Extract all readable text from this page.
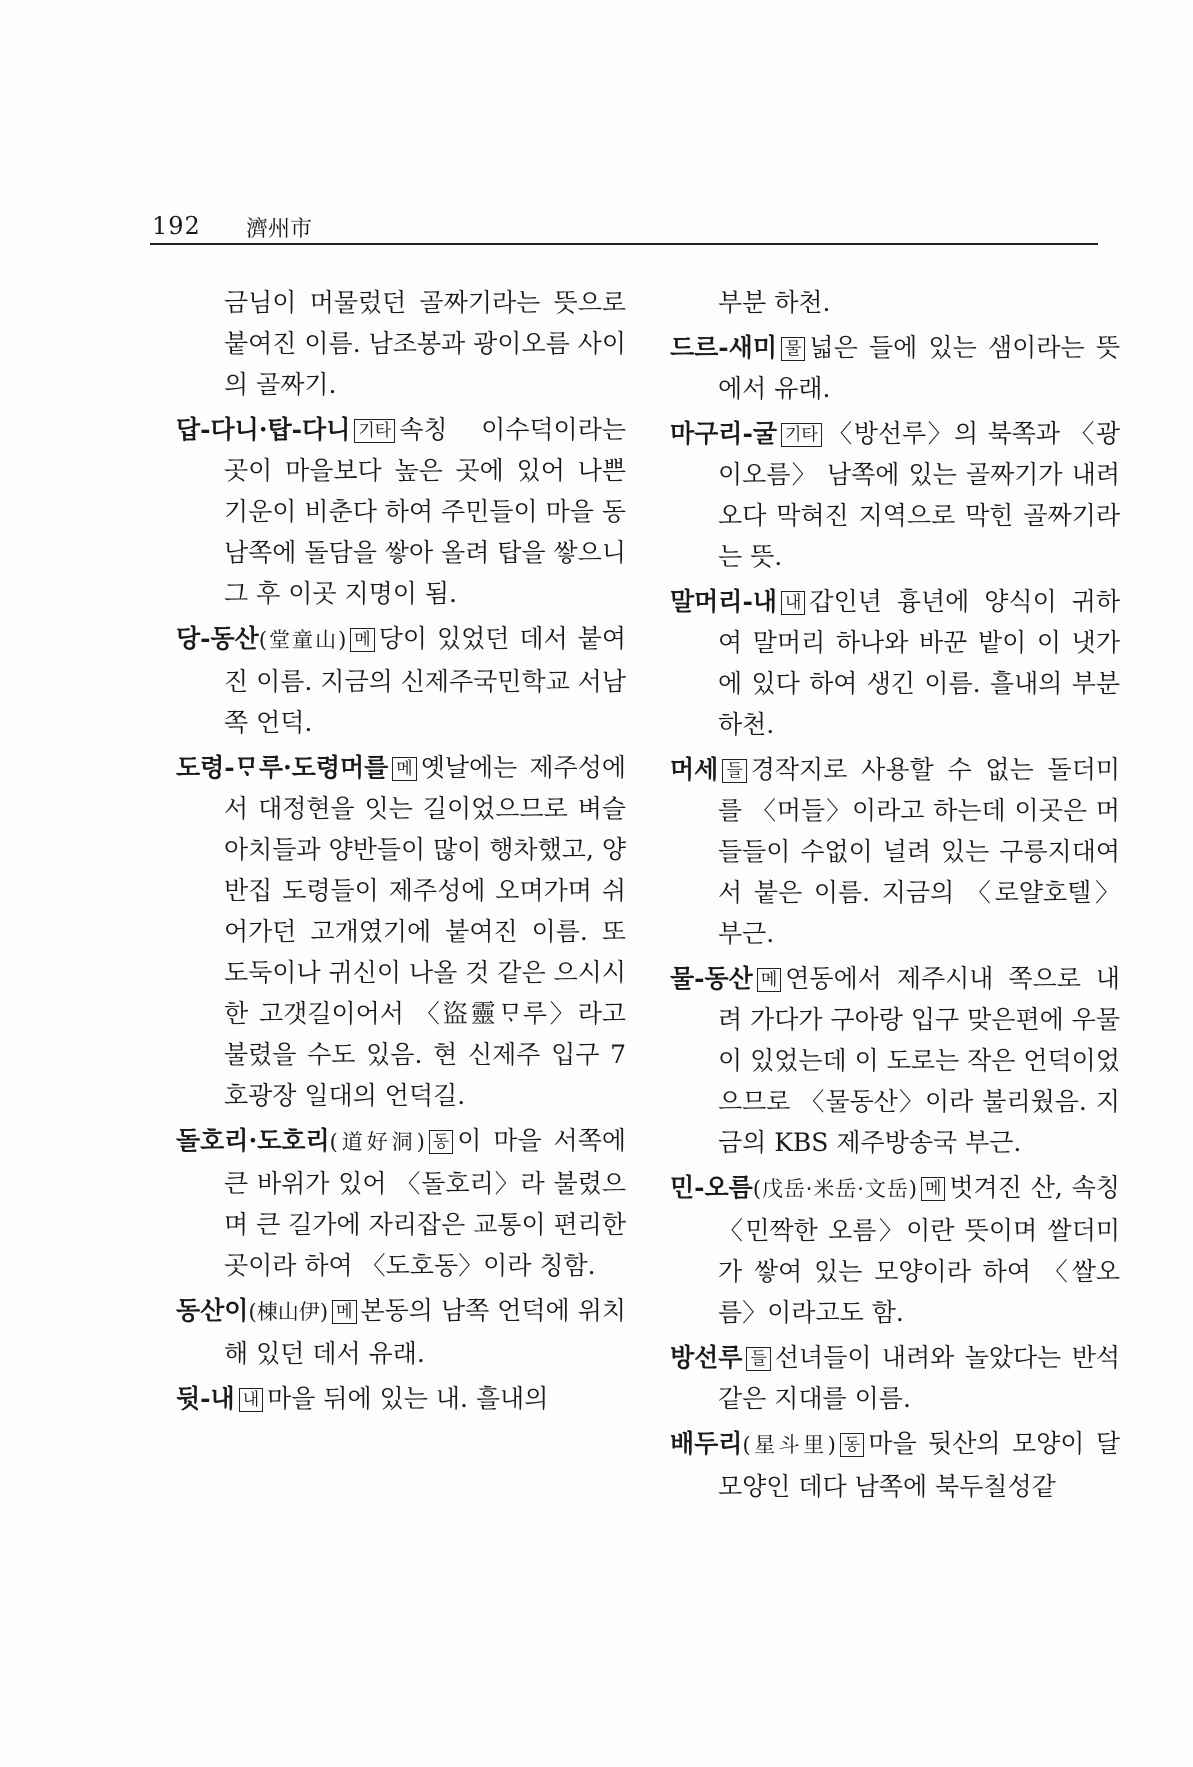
192 濟州市
금님이 머물렀던 골짜기라는 뜻으로 붙여진 이름. 남조봉과 광이오름 사이의 골짜기.
답-다니·탑-다니 기타 속칭 이수덕이라는 곳이 마을보다 높은 곳에 있어 나쁜 기운이 비춘다 하여 주민들이 마을 동남쪽에 돌담을 쌓아 올려 탑을 쌓으니 그 후 이곳 지명이 됨.
당-동산(堂童山) 메 당이 있었던 데서 붙여진 이름. 지금의 신제주국민학교 서남쪽 언덕.
도령-ᄆᆞ루·도령머를 메 옛날에는 제주성에서 대정현을 잇는 길이었으므로 벼슬아치들과 양반들이 많이 행차했고, 양반집 도령들이 제주성에 오며가며 쉬어가던 고개였기에 붙여진 이름. 또 도둑이나 귀신이 나올 것 같은 으시시한 고갯길이어서 〈盜靈ᄆᆞ루〉라고 불렸을 수도 있음. 현 신제주 입구 7호광장 일대의 언덕길.
돌호리·도호리(道好洞) 동 이 마을 서쪽에 큰 바위가 있어 〈돌호리〉라 불렸으며 큰 길가에 자리잡은 교통이 편리한 곳이라 하여 〈도호동〉이라 칭함.
동산이(棟山伊) 메 본동의 남쪽 언덕에 위치해 있던 데서 유래.
뒷-내 내 마을 뒤에 있는 내. 흘내의
부분 하천.
드르-새미 물 넓은 들에 있는 샘이라는 뜻에서 유래.
마구리-굴 기타 〈방선루〉의 북쪽과 〈광이오름〉 남쪽에 있는 골짜기가 내려오다 막혀진 지역으로 막힌 골짜기라는 뜻.
말머리-내 내 갑인년 흉년에 양식이 귀하여 말머리 하나와 바꾼 밭이 이 냇가에 있다 하여 생긴 이름. 흘내의 부분 하천.
머세 들 경작지로 사용할 수 없는 돌더미를 〈머들〉이라고 하는데 이곳은 머들들이 수없이 널려 있는 구릉지대여서 붙은 이름. 지금의 〈로얄호텔〉 부근.
물-동산 메 연동에서 제주시내 쪽으로 내려 가다가 구아랑 입구 맞은편에 우물이 있었는데 이 도로는 작은 언덕이었으므로 〈물동산〉이라 불리웠음. 지금의 KBS 제주방송국 부근.
민-오름(戊岳·米岳·文岳) 메 벗겨진 산, 속칭 〈민짝한 오름〉이란 뜻이며 쌀더미가 쌓여 있는 모양이라 하여 〈쌀오름〉이라고도 함.
방선루 들 선녀들이 내려와 놀았다는 반석 같은 지대를 이름.
배두리(星斗里) 동 마을 뒷산의 모양이 달 모양인 데다 남쪽에 북두칠성같
